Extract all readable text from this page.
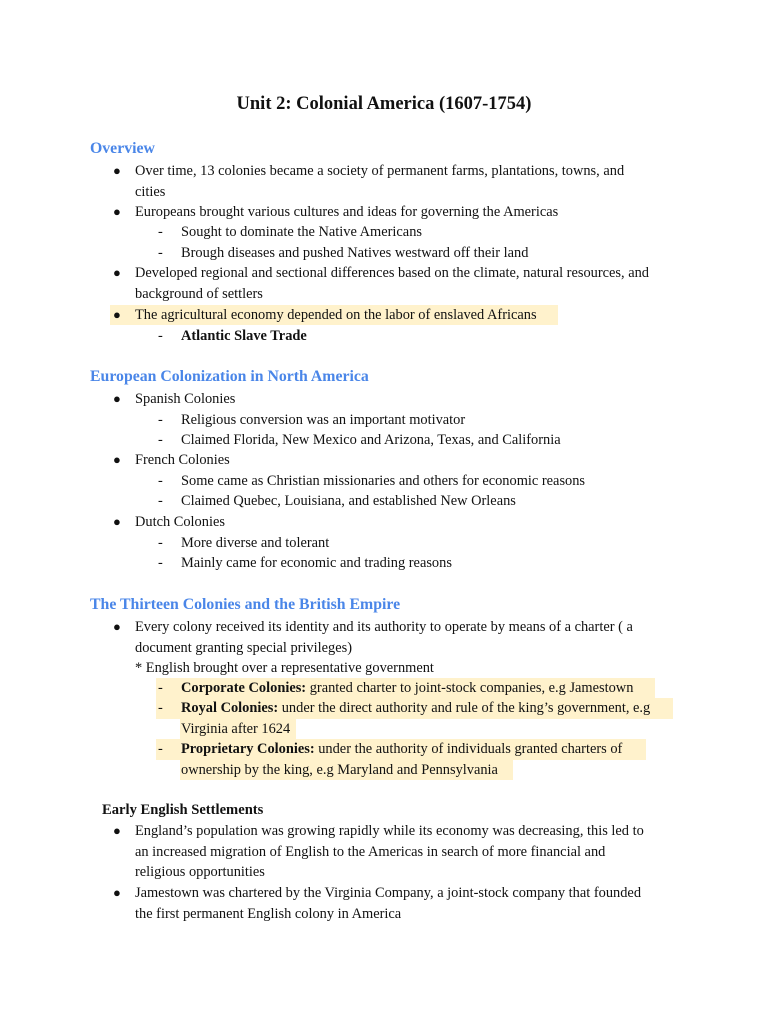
Unit 2: Colonial America (1607-1754)
Overview
● Over time, 13 colonies became a society of permanent farms, plantations, towns, and
cities
● Europeans brought various cultures and ideas for governing the Americas
- Sought to dominate the Native Americans
- Brough diseases and pushed Natives westward off their land
● Developed regional and sectional differences based on the climate, natural resources, and
background of settlers
● The agricultural economy depended on the labor of enslaved Africans
- Atlantic Slave Trade
European Colonization in North America
● Spanish Colonies
- Religious conversion was an important motivator
- Claimed Florida, New Mexico and Arizona, Texas, and California
● French Colonies
- Some came as Christian missionaries and others for economic reasons
- Claimed Quebec, Louisiana, and established New Orleans
● Dutch Colonies
- More diverse and tolerant
- Mainly came for economic and trading reasons
The Thirteen Colonies and the British Empire
● Every colony received its identity and its authority to operate by means of a charter ( a
document granting special privileges)
* English brought over a representative government
- Corporate Colonies: granted charter to joint-stock companies, e.g Jamestown
- Royal Colonies: under the direct authority and rule of the king’s government, e.g
Virginia after 1624
- Proprietary Colonies: under the authority of individuals granted charters of
ownership by the king, e.g Maryland and Pennsylvania
Early English Settlements
● England’s population was growing rapidly while its economy was decreasing, this led to
an increased migration of English to the Americas in search of more financial and
religious opportunities
● Jamestown was chartered by the Virginia Company, a joint-stock company that founded
the first permanent English colony in America
